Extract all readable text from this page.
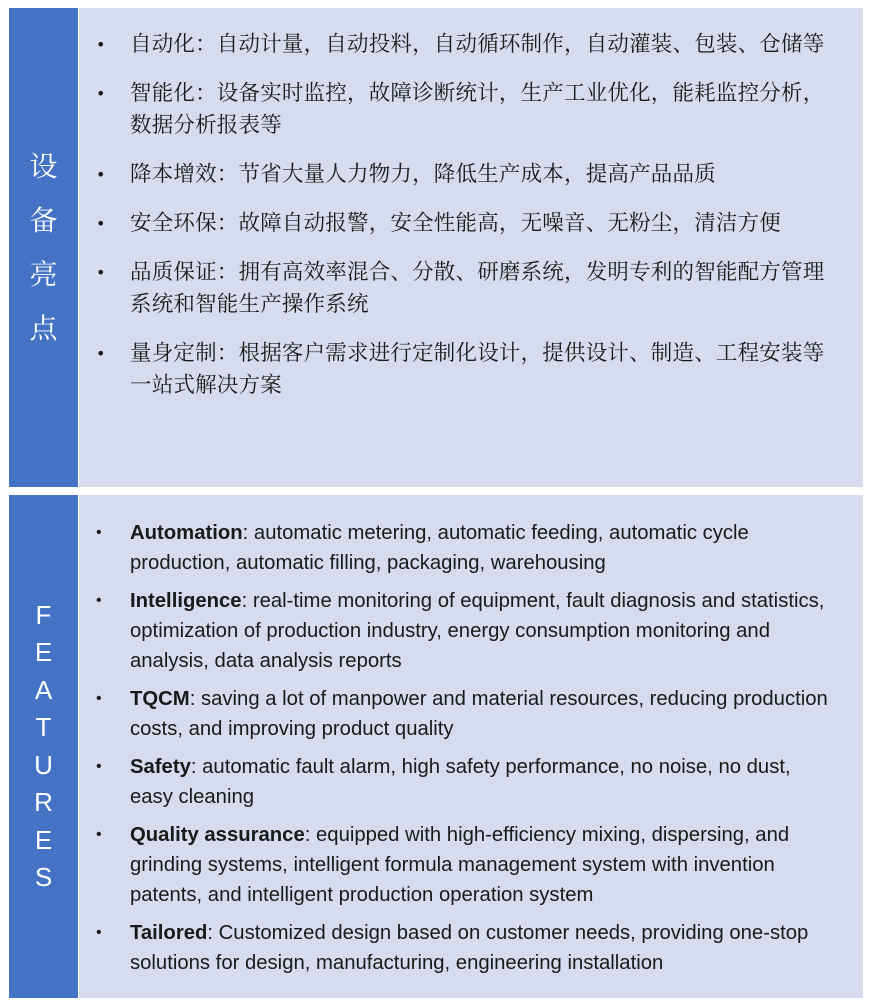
设
备
亮
点
• 自动化：自动计量，自动投料，自动循环制作，自动灌装、包装、仓储等
• 智能化：设备实时监控，故障诊断统计，生产工业优化，能耗监控分析，数据分析报表等
• 降本增效：节省大量人力物力，降低生产成本，提高产品品质
• 安全环保：故障自动报警，安全性能高，无噪音、无粉尘，清洁方便
• 品质保证：拥有高效率混合、分散、研磨系统，发明专利的智能配方管理系统和智能生产操作系统
• 量身定制：根据客户需求进行定制化设计，提供设计、制造、工程安装等一站式解决方案
F
E
A
T
U
R
E
S
• Automation: automatic metering, automatic feeding, automatic cycle production, automatic filling, packaging, warehousing
• Intelligence: real-time monitoring of equipment, fault diagnosis and statistics, optimization of production industry, energy consumption monitoring and analysis, data analysis reports
• TQCM: saving a lot of manpower and material resources, reducing production costs, and improving product quality
• Safety: automatic fault alarm, high safety performance, no noise, no dust, easy cleaning
• Quality assurance: equipped with high-efficiency mixing, dispersing, and grinding systems, intelligent formula management system with invention patents, and intelligent production operation system
• Tailored: Customized design based on customer needs, providing one-stop solutions for design, manufacturing, engineering installation
